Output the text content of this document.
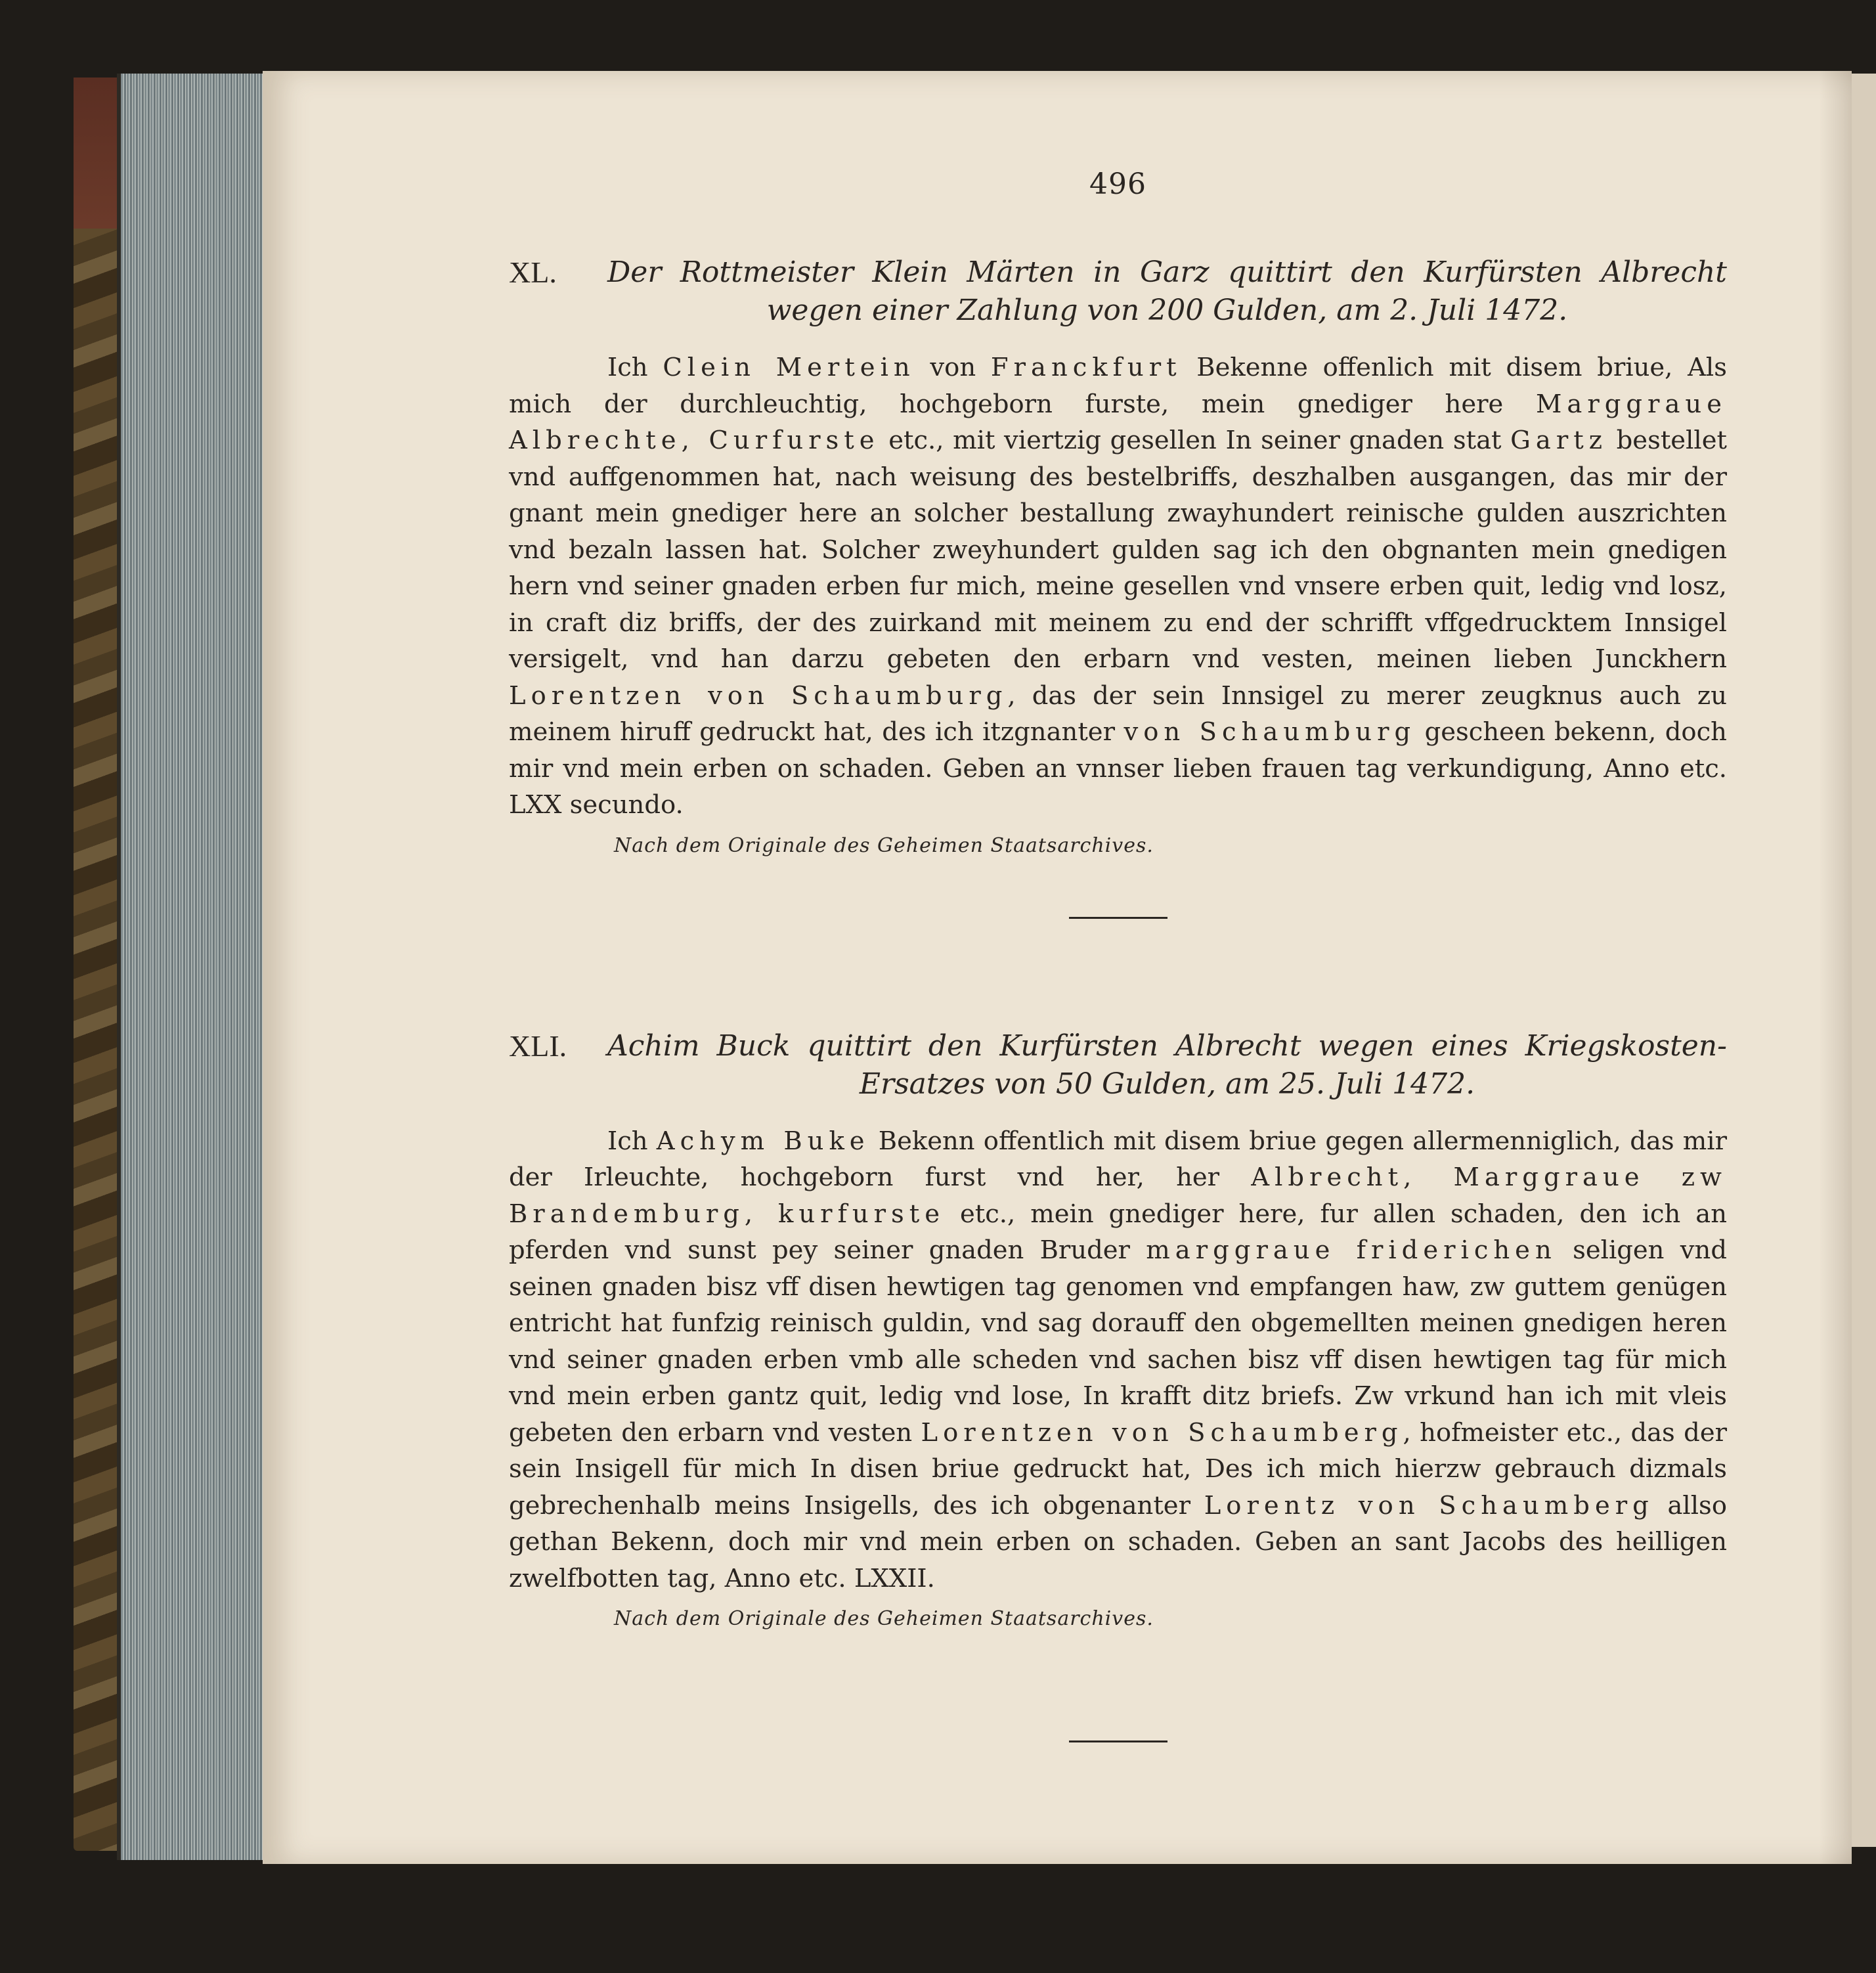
496
XL.	Der Rottmeister Klein Märten in Garz quittirt den Kurfürsten Albrecht wegen einer Zahlung von 200 Gulden, am 2. Juli 1472.

Ich Clein Mertein von Franckfurt Bekenne offenlich mit disem briue, Als mich der durchleuchtig, hochgeborn furste, mein gnediger here Marggraue Albrechte, Curfurste etc., mit viertzig gesellen In seiner gnaden stat Gartz bestellet vnd auffgenommen hat, nach weisung des bestelbriffs, deszhalben ausgangen, das mir der gnant mein gnediger here an solcher bestallung zwayhundert reinische gulden auszrichten vnd bezaln lassen hat. Solcher zweyhundert gulden sag ich den obgnanten mein gnedigen hern vnd seiner gnaden erben fur mich, meine gesellen vnd vnsere erben quit, ledig vnd losz, in craft diz briffs, der des zuirkand mit meinem zu end der schrifft vffgedrucktem Innsigel versigelt, vnd han darzu gebeten den erbarn vnd vesten, meinen lieben Junckhern Lorentzen von Schaumburg, das der sein Innsigel zu merer zeugknus auch zu meinem hiruff gedruckt hat, des ich itzgnanter von Schaumburg gescheen bekenn, doch mir vnd mein erben on schaden. Geben an vnnser lieben frauen tag verkundigung, Anno etc. LXX secundo.

Nach dem Originale des Geheimen Staatsarchives.
XLI.	Achim Buck quittirt den Kurfürsten Albrecht wegen eines Kriegskosten-Ersatzes von 50 Gulden, am 25. Juli 1472.

Ich Achym Buke Bekenn offentlich mit disem briue gegen allermenniglich, das mir der Irleuchte, hochgeborn furst vnd her, her Albrecht, Marggraue zw Brandemburg, kurfurste etc., mein gnediger here, fur allen schaden, den ich an pferden vnd sunst pey seiner gnaden Bruder marggraue friderichen seligen vnd seinen gnaden bisz vff disen hewtigen tag genomen vnd empfangen haw, zw guttem genügen entricht hat funfzig reinisch guldin, vnd sag dorauff den obgemellten meinen gnedigen heren vnd seiner gnaden erben vmb alle scheden vnd sachen bisz vff disen hewtigen tag für mich vnd mein erben gantz quit, ledig vnd lose, In krafft ditz briefs. Zw vrkund han ich mit vleis gebeten den erbarn vnd vesten Lorentzen von Schaumberg, hofmeister etc., das der sein Insigell für mich In disen briue gedruckt hat, Des ich mich hierzw gebrauch dizmals gebrechenhalb meins Insigells, des ich obgenanter Lorentz von Schaumberg allso gethan Bekenn, doch mir vnd mein erben on schaden. Geben an sant Jacobs des heilligen zwelfbotten tag, Anno etc. LXXII.

Nach dem Originale des Geheimen Staatsarchives.
